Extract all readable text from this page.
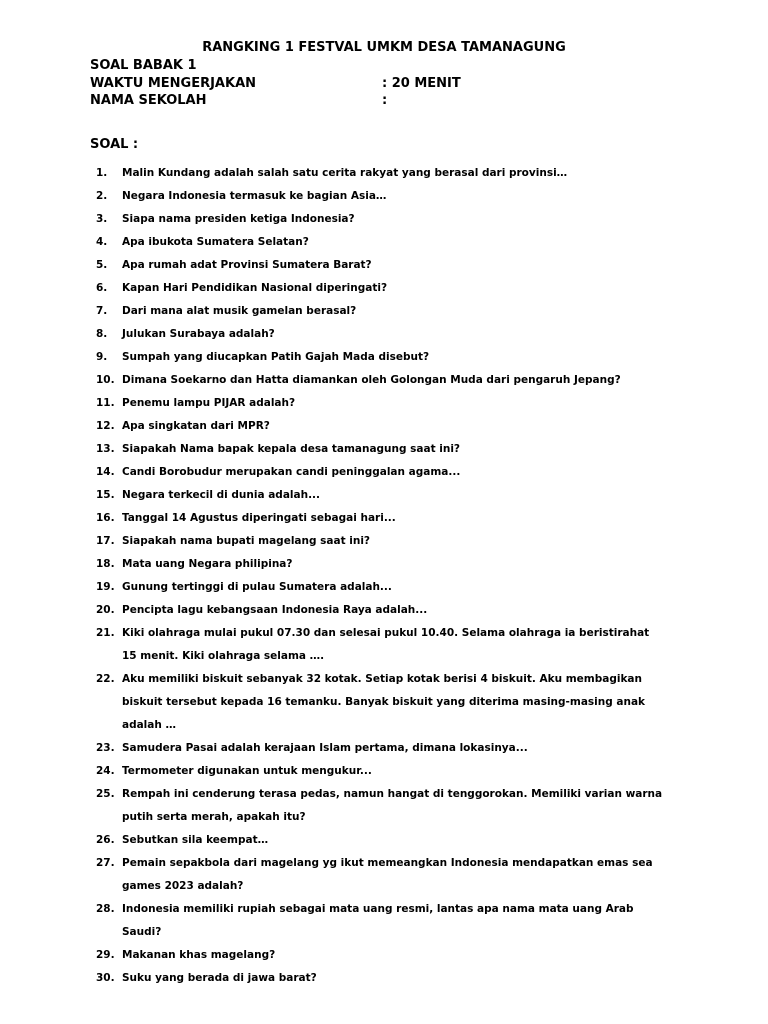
RANGKING 1 FESTVAL UMKM DESA TAMANAGUNG
SOAL BABAK 1
WAKTU MENGERJAKAN	: 20 MENIT
NAMA SEKOLAH	:
SOAL :
1.	Malin Kundang adalah salah satu cerita rakyat yang berasal dari provinsi…
2.	Negara Indonesia termasuk ke bagian Asia…
3.	Siapa nama presiden ketiga Indonesia?
4.	Apa ibukota Sumatera Selatan?
5.	Apa rumah adat Provinsi Sumatera Barat?
6.	Kapan Hari Pendidikan Nasional diperingati?
7.	Dari mana alat musik gamelan berasal?
8.	Julukan Surabaya adalah?
9.	Sumpah yang diucapkan Patih Gajah Mada disebut?
10. Dimana Soekarno dan Hatta diamankan oleh Golongan Muda dari pengaruh Jepang?
11. Penemu lampu PIJAR adalah?
12. Apa singkatan dari MPR?
13. Siapakah Nama bapak kepala desa tamanagung saat ini?
14. Candi Borobudur merupakan candi peninggalan agama...
15. Negara terkecil di dunia adalah...
16. Tanggal 14 Agustus diperingati sebagai hari...
17. Siapakah nama bupati magelang saat ini?
18. Mata uang Negara philipina?
19. Gunung tertinggi di pulau Sumatera adalah...
20. Pencipta lagu kebangsaan Indonesia Raya adalah...
21. Kiki olahraga mulai pukul 07.30 dan selesai pukul 10.40. Selama olahraga ia beristirahat
15 menit. Kiki olahraga selama ….
22. Aku memiliki biskuit sebanyak 32 kotak. Setiap kotak berisi 4 biskuit. Aku membagikan
biskuit tersebut kepada 16 temanku. Banyak biskuit yang diterima masing-masing anak
adalah …
23. Samudera Pasai adalah kerajaan Islam pertama, dimana lokasinya...
24. Termometer digunakan untuk mengukur...
25. Rempah ini cenderung terasa pedas, namun hangat di tenggorokan. Memiliki varian warna
putih serta merah, apakah itu?
26. Sebutkan sila keempat…
27. Pemain sepakbola dari magelang yg ikut memeangkan Indonesia mendapatkan emas sea
games 2023 adalah?
28. Indonesia memiliki rupiah sebagai mata uang resmi, lantas apa nama mata uang Arab
Saudi?
29. Makanan khas magelang?
30. Suku yang berada di jawa barat?
